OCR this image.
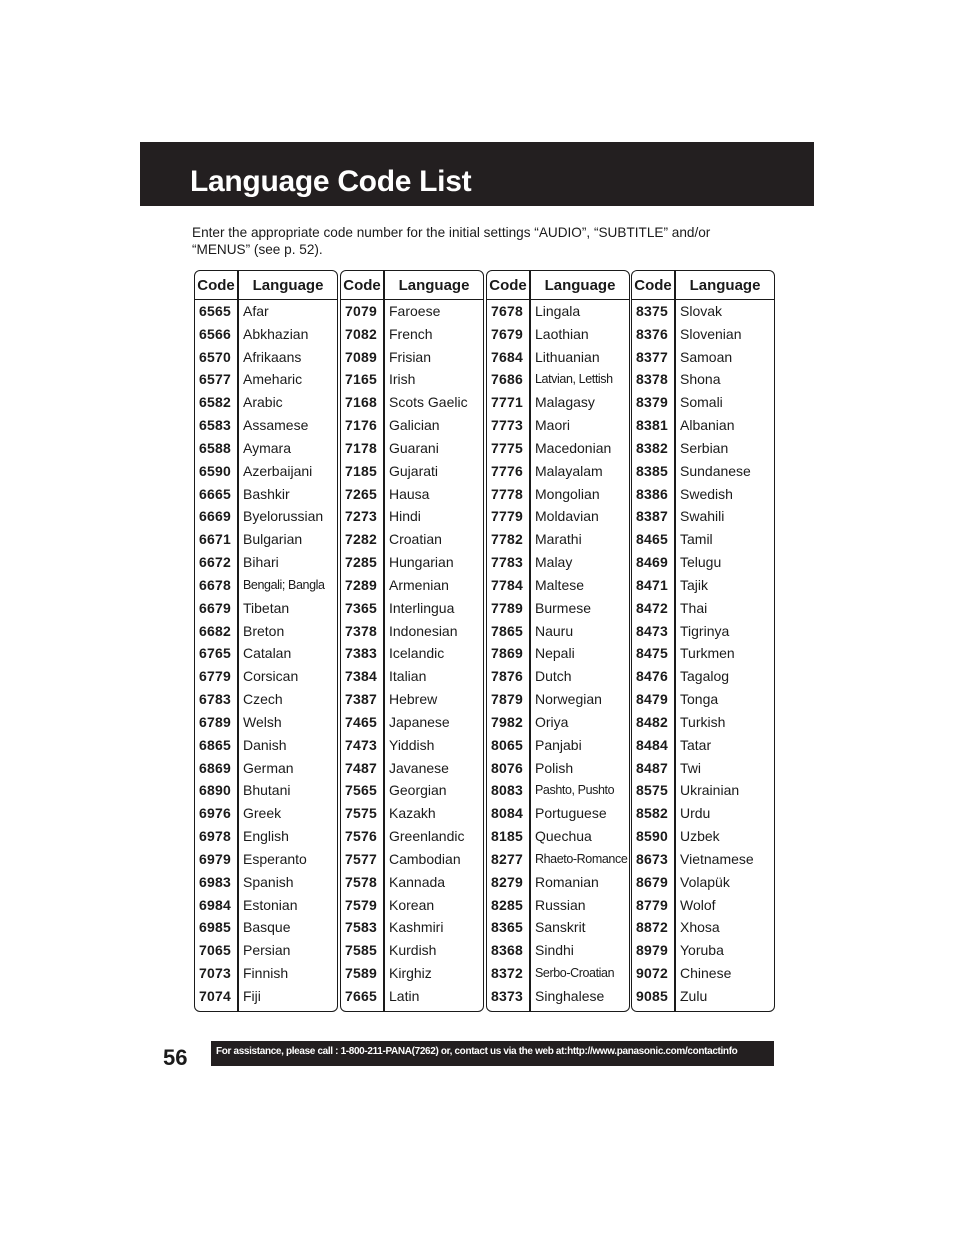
Language Code List

Enter the appropriate code number for the initial settings “AUDIO”, “SUBTITLE” and/or “MENUS” (see p. 52).

Code	Language
6565 Afar
6566 Abkhazian
6570 Afrikaans
6577 Ameharic
6582 Arabic
6583 Assamese
6588 Aymara
6590 Azerbaijani
6665 Bashkir
6669 Byelorussian
6671 Bulgarian
6672 Bihari
6678 Bengali; Bangla
6679 Tibetan
6682 Breton
6765 Catalan
6779 Corsican
6783 Czech
6789 Welsh
6865 Danish
6869 German
6890 Bhutani
6976 Greek
6978 English
6979 Esperanto
6983 Spanish
6984 Estonian
6985 Basque
7065 Persian
7073 Finnish
7074 Fiji
Code	Language
7079 Faroese
7082 French
7089 Frisian
7165 Irish
7168 Scots Gaelic
7176 Galician
7178 Guarani
7185 Gujarati
7265 Hausa
7273 Hindi
7282 Croatian
7285 Hungarian
7289 Armenian
7365 Interlingua
7378 Indonesian
7383 Icelandic
7384 Italian
7387 Hebrew
7465 Japanese
7473 Yiddish
7487 Javanese
7565 Georgian
7575 Kazakh
7576 Greenlandic
7577 Cambodian
7578 Kannada
7579 Korean
7583 Kashmiri
7585 Kurdish
7589 Kirghiz
7665 Latin
Code	Language
7678 Lingala
7679 Laothian
7684 Lithuanian
7686 Latvian, Lettish
7771 Malagasy
7773 Maori
7775 Macedonian
7776 Malayalam
7778 Mongolian
7779 Moldavian
7782 Marathi
7783 Malay
7784 Maltese
7789 Burmese
7865 Nauru
7869 Nepali
7876 Dutch
7879 Norwegian
7982 Oriya
8065 Panjabi
8076 Polish
8083 Pashto, Pushto
8084 Portuguese
8185 Quechua
8277 Rhaeto-Romance
8279 Romanian
8285 Russian
8365 Sanskrit
8368 Sindhi
8372 Serbo-Croatian
8373 Singhalese
Code	Language
8375 Slovak
8376 Slovenian
8377 Samoan
8378 Shona
8379 Somali
8381 Albanian
8382 Serbian
8385 Sundanese
8386 Swedish
8387 Swahili
8465 Tamil
8469 Telugu
8471 Tajik
8472 Thai
8473 Tigrinya
8475 Turkmen
8476 Tagalog
8479 Tonga
8482 Turkish
8484 Tatar
8487 Twi
8575 Ukrainian
8582 Urdu
8590 Uzbek
8673 Vietnamese
8679 Volapük
8779 Wolof
8872 Xhosa
8979 Yoruba
9072 Chinese
9085 Zulu
56	For assistance, please call : 1-800-211-PANA(7262) or, contact us via the web at:http://www.panasonic.com/contactinfo
